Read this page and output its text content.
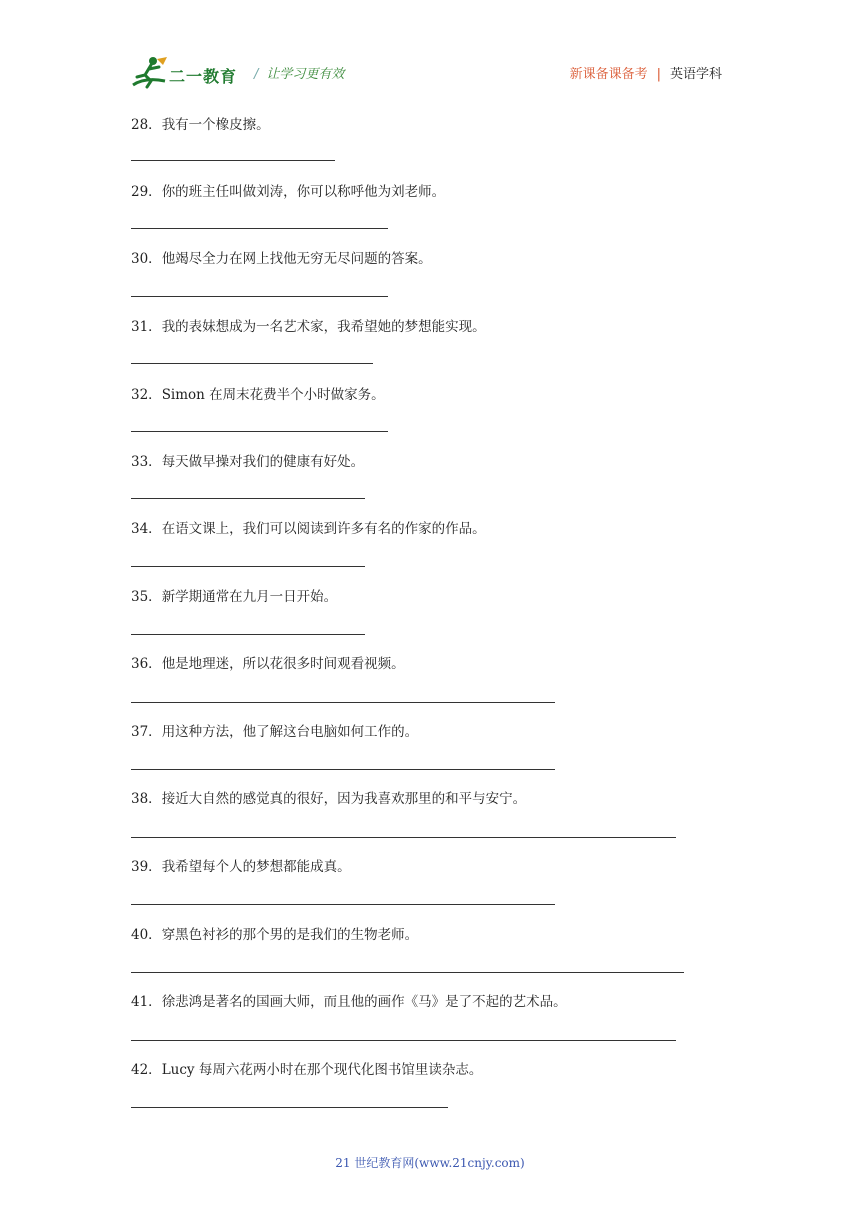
二一教育 / 让学习更有效	新课备课备考 | 英语学科
28．我有一个橡皮擦。
29．你的班主任叫做刘涛，你可以称呼他为刘老师。
30．他竭尽全力在网上找他无穷无尽问题的答案。
31．我的表妹想成为一名艺术家，我希望她的梦想能实现。
32．Simon 在周末花费半个小时做家务。
33．每天做早操对我们的健康有好处。
34．在语文课上，我们可以阅读到许多有名的作家的作品。
35．新学期通常在九月一日开始。
36．他是地理迷，所以花很多时间观看视频。
37．用这种方法，他了解这台电脑如何工作的。
38．接近大自然的感觉真的很好，因为我喜欢那里的和平与安宁。
39．我希望每个人的梦想都能成真。
40．穿黑色衬衫的那个男的是我们的生物老师。
41．徐悲鸿是著名的国画大师，而且他的画作《马》是了不起的艺术品。
42．Lucy 每周六花两小时在那个现代化图书馆里读杂志。
21 世纪教育网(www.21cnjy.com)
